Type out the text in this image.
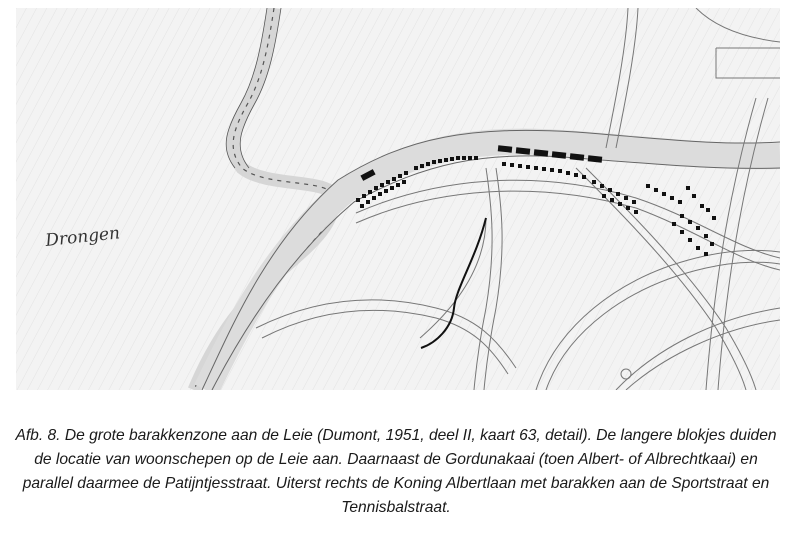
Drongen

Afb. 8. De grote barakkenzone aan de Leie (Dumont, 1951, deel II, kaart 63, detail). De langere blokjes duiden de locatie van woonschepen op de Leie aan. Daarnaast de Gordunakaai (toen Albert- of Albrechtkaai) en parallel daarmee de Patijntjesstraat. Uiterst rechts de Koning Albertlaan met barakken aan de Sportstraat en Tennisbalstraat.
